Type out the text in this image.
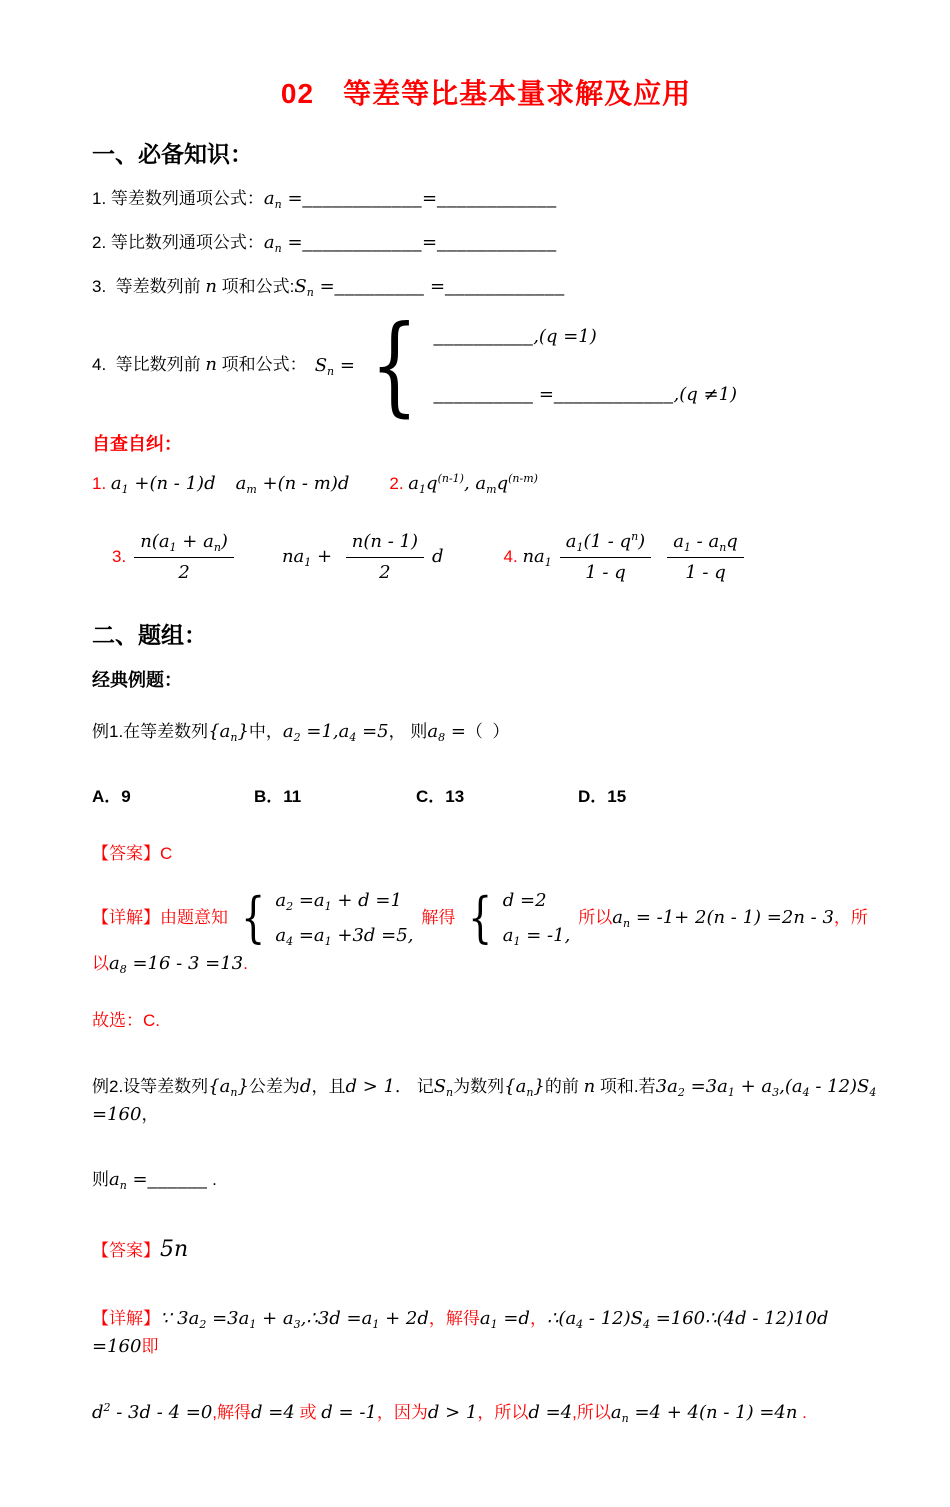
02　等差等比基本量求解及应用
一、必备知识：
1. 等差数列通项公式：$a_n$ =____________=____________
2. 等比数列通项公式：$a_n$ =____________=____________
3.  等差数列前 n 项和公式$:S_n$ =_________ =____________
4.  等比数列前 n 项和公式： $S_n$ = { __________,(q =1)
__________ =____________,(q ≠1)
自查自纠：
1. $a_1 +(n - 1)d$ $a_m +(n - m)d$ 2. $a_1q^{(n-1)}$, $a_mq^{(n-m)}$
3. $\frac{n(a_1 + a_n)}{2}$	$na_1 + \frac{n(n - 1)}{2}$ d	4. $na_1 \frac{a_1(1 - q^n)}{1 - q} \frac{a_1 - a_nq}{1 - q}$
二、题组：
经典例题：
例1.在等差数列$\{a_n\}$中，$a_2 =1,a_4 =5$， 则$a_8$ =（  ）
A．9	B．11	C．13	D．15
【答案】C
【详解】由题意知 { $a_2 =a_1 + d =1$
$a_4 =a_1 +3d =5$,
解得 { d =2
$a_1 = -1$,
所以$a_n = -1+ 2(n - 1) =2n - 3$，所以$a_8 =16 - 3 =13$.
故选：C.
例2.设等差数列$\{a_n\}$公差为d，且d > 1． 记$S_n$为数列$\{a_n\}$的前 n 项和.若$3a_2 =3a_1 + a_3,(a_4 - 12)S_4 =160$，
则$a_n$ =______ .
【答案】5n
【详解】∵ $3a_2 =3a_1$ + $a_3,\therefore 3d =a_1 + 2d$，解得$a_1 =d$，$\therefore(a_4 - 12)S_4$ =160∴(4d - 12)10d =160即
$d^2 - 3d - 4 =0$,解得d =4 或 d = -1，因为d > 1，所以d =4,所以$a_n =4 + 4(n - 1) =4n$ .
